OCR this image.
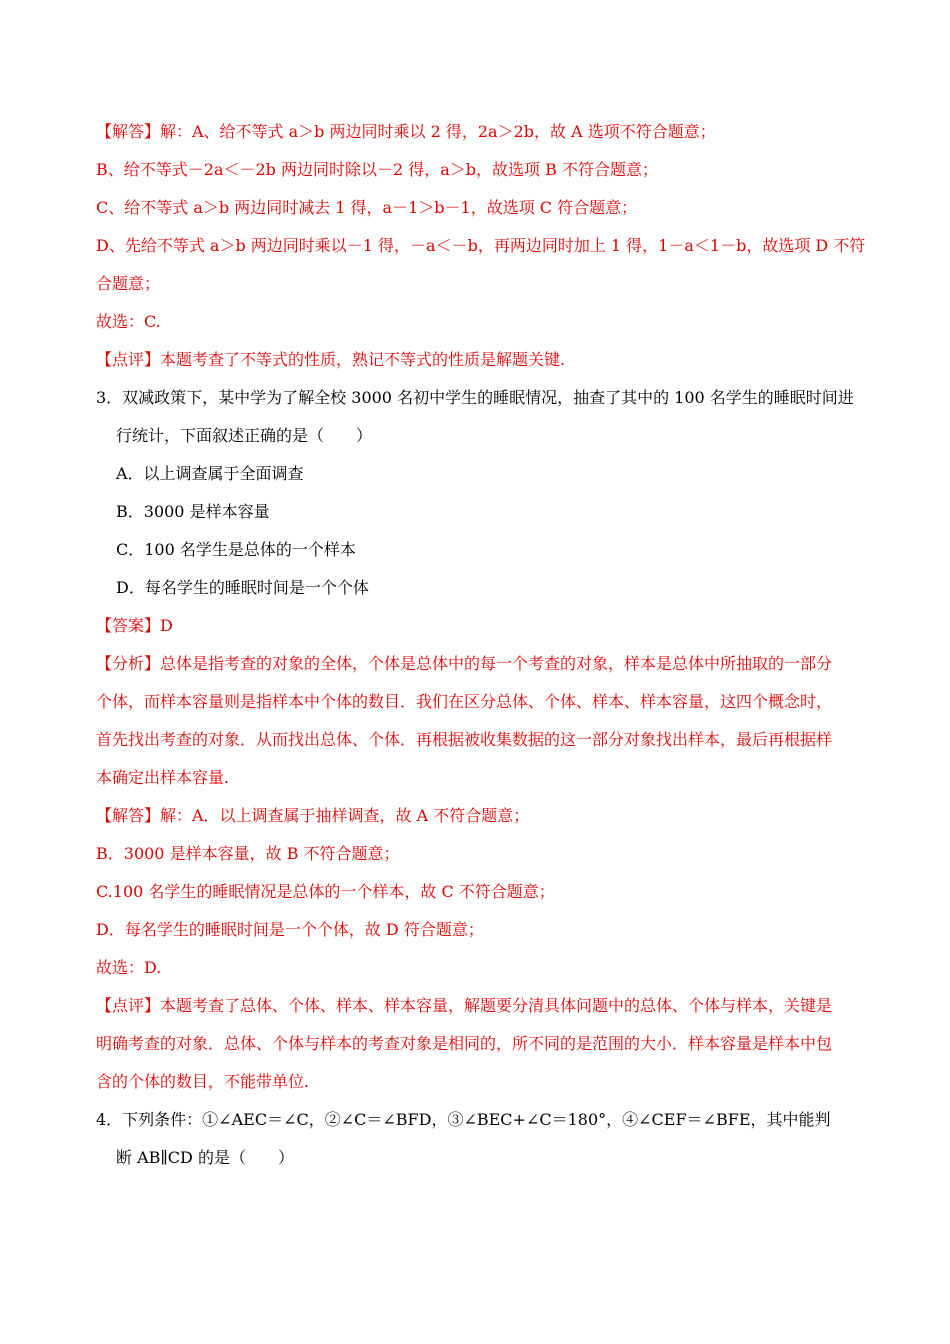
【解答】解：A、给不等式 a＞b 两边同时乘以 2 得，2a＞2b，故 A 选项不符合题意；
B、给不等式－2a＜－2b 两边同时除以－2 得，a＞b，故选项 B 不符合题意；
C、给不等式 a＞b 两边同时减去 1 得，a－1＞b－1，故选项 C 符合题意；
D、先给不等式 a＞b 两边同时乘以－1 得，－a＜－b，再两边同时加上 1 得，1－a＜1－b，故选项 D 不符
合题意；
故选：C.
【点评】本题考查了不等式的性质，熟记不等式的性质是解题关键.
3．双减政策下，某中学为了解全校 3000 名初中学生的睡眠情况，抽查了其中的 100 名学生的睡眠时间进
行统计，下面叙述正确的是（　　）
A．以上调查属于全面调查
B．3000 是样本容量
C．100 名学生是总体的一个样本
D．每名学生的睡眠时间是一个个体
【答案】D
【分析】总体是指考查的对象的全体，个体是总体中的每一个考查的对象，样本是总体中所抽取的一部分
个体，而样本容量则是指样本中个体的数目．我们在区分总体、个体、样本、样本容量，这四个概念时，
首先找出考查的对象．从而找出总体、个体．再根据被收集数据的这一部分对象找出样本，最后再根据样
本确定出样本容量.
【解答】解：A．以上调查属于抽样调查，故 A 不符合题意；
B．3000 是样本容量，故 B 不符合题意；
C.100 名学生的睡眠情况是总体的一个样本，故 C 不符合题意；
D．每名学生的睡眠时间是一个个体，故 D 符合题意；
故选：D.
【点评】本题考查了总体、个体、样本、样本容量，解题要分清具体问题中的总体、个体与样本，关键是
明确考查的对象．总体、个体与样本的考查对象是相同的，所不同的是范围的大小．样本容量是样本中包
含的个体的数目，不能带单位.
4．下列条件：①∠AEC＝∠C，②∠C＝∠BFD，③∠BEC+∠C＝180°，④∠CEF＝∠BFE，其中能判
断 AB∥CD 的是（　　）
